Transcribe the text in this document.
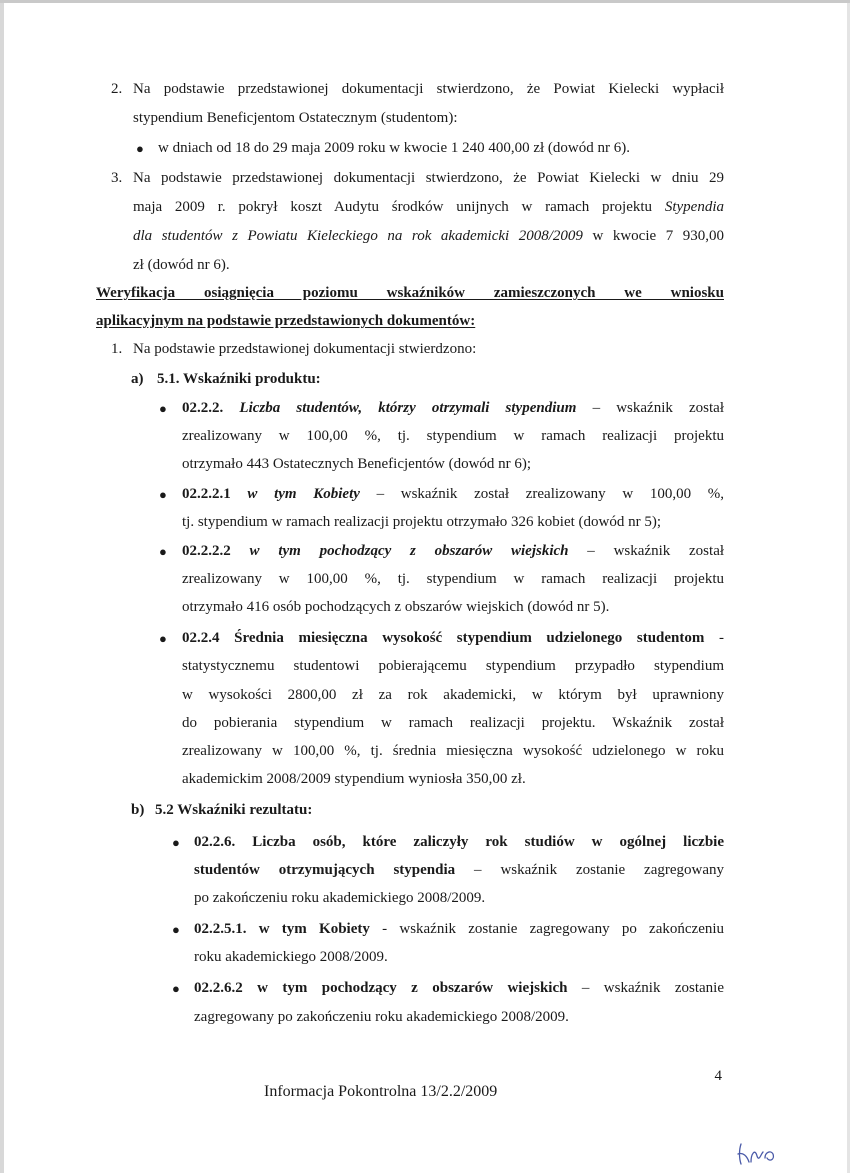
2. Na podstawie przedstawionej dokumentacji stwierdzono, że Powiat Kielecki wypłacił
stypendium Beneficjentom Ostatecznym (studentom):
● w dniach od 18 do 29 maja 2009 roku w kwocie 1 240 400,00 zł (dowód nr 6).
3. Na podstawie przedstawionej dokumentacji stwierdzono, że Powiat Kielecki w dniu 29
maja 2009 r. pokrył koszt Audytu środków unijnych w ramach projektu Stypendia
dla studentów z Powiatu Kieleckiego na rok akademicki 2008/2009 w kwocie 7 930,00
zł (dowód nr 6).
Weryfikacja osiągnięcia poziomu wskaźników zamieszczonych we wniosku
aplikacyjnym na podstawie przedstawionych dokumentów:
1. Na podstawie przedstawionej dokumentacji stwierdzono:
a) 5.1. Wskaźniki produktu:
● 02.2.2. Liczba studentów, którzy otrzymali stypendium – wskaźnik został
zrealizowany w 100,00 %, tj. stypendium w ramach realizacji projektu
otrzymało 443 Ostatecznych Beneficjentów (dowód nr 6);
● 02.2.2.1 w tym Kobiety – wskaźnik został zrealizowany w 100,00 %,
tj. stypendium w ramach realizacji projektu otrzymało 326 kobiet (dowód nr 5);
● 02.2.2.2 w tym pochodzący z obszarów wiejskich – wskaźnik został
zrealizowany w 100,00 %, tj. stypendium w ramach realizacji projektu
otrzymało 416 osób pochodzących z obszarów wiejskich (dowód nr 5).
● 02.2.4 Średnia miesięczna wysokość stypendium udzielonego studentom -
statystycznemu studentowi pobierającemu stypendium przypadło stypendium
w wysokości 2800,00 zł za rok akademicki, w którym był uprawniony
do pobierania stypendium w ramach realizacji projektu. Wskaźnik został
zrealizowany w 100,00 %, tj. średnia miesięczna wysokość udzielonego w roku
akademickim 2008/2009 stypendium wyniosła 350,00 zł.
b) 5.2 Wskaźniki rezultatu:
● 02.2.6. Liczba osób, które zaliczyły rok studiów w ogólnej liczbie
studentów otrzymujących stypendia – wskaźnik zostanie zagregowany
po zakończeniu roku akademickiego 2008/2009.
● 02.2.5.1. w tym Kobiety - wskaźnik zostanie zagregowany po zakończeniu
roku akademickiego 2008/2009.
● 02.2.6.2 w tym pochodzący z obszarów wiejskich – wskaźnik zostanie
zagregowany po zakończeniu roku akademickiego 2008/2009.
4
Informacja Pokontrolna 13/2.2/2009
